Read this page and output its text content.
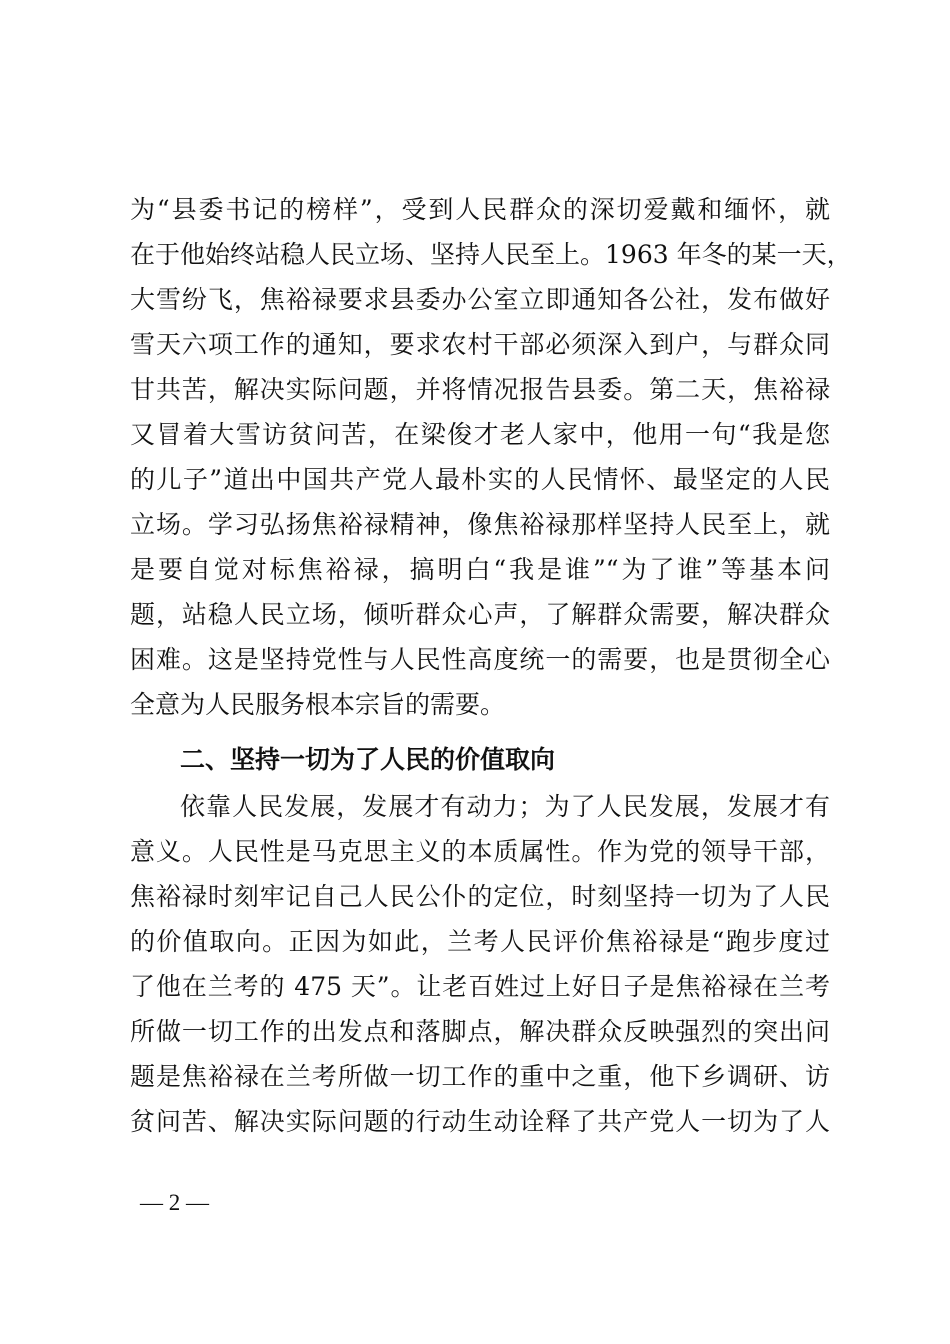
为“县委书记的榜样”，受到人民群众的深切爱戴和缅怀，就
在于他始终站稳人民立场、坚持人民至上。1963 年冬的某一天，
大雪纷飞，焦裕禄要求县委办公室立即通知各公社，发布做好
雪天六项工作的通知，要求农村干部必须深入到户，与群众同
甘共苦，解决实际问题，并将情况报告县委。第二天，焦裕禄
又冒着大雪访贫问苦，在梁俊才老人家中，他用一句“我是您
的儿子”道出中国共产党人最朴实的人民情怀、最坚定的人民
立场。学习弘扬焦裕禄精神，像焦裕禄那样坚持人民至上，就
是要自觉对标焦裕禄，搞明白“我是谁”“为了谁”等基本问
题，站稳人民立场，倾听群众心声，了解群众需要，解决群众
困难。这是坚持党性与人民性高度统一的需要，也是贯彻全心
全意为人民服务根本宗旨的需要。
二、坚持一切为了人民的价值取向
依靠人民发展，发展才有动力；为了人民发展，发展才有
意义。人民性是马克思主义的本质属性。作为党的领导干部，
焦裕禄时刻牢记自己人民公仆的定位，时刻坚持一切为了人民
的价值取向。正因为如此，兰考人民评价焦裕禄是“跑步度过
了他在兰考的 475 天”。让老百姓过上好日子是焦裕禄在兰考
所做一切工作的出发点和落脚点，解决群众反映强烈的突出问
题是焦裕禄在兰考所做一切工作的重中之重，他下乡调研、访
贫问苦、解决实际问题的行动生动诠释了共产党人一切为了人
— 2 —
